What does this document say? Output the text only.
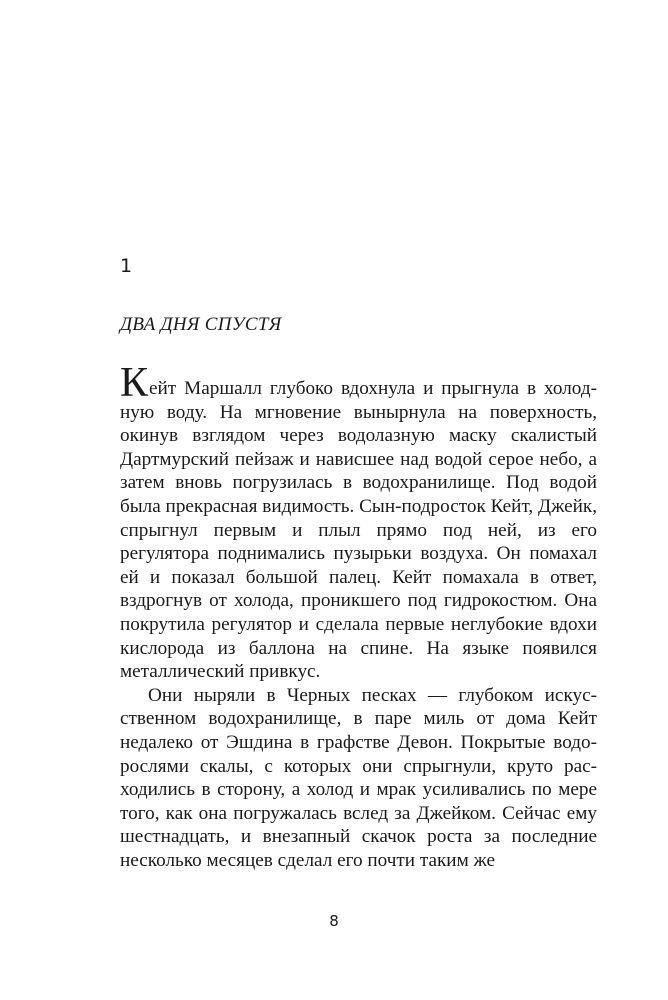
1

ДВА ДНЯ СПУСТЯ

Кейт Маршалл глубоко вдохнула и прыгнула в холодную воду. На мгновение вынырнула на поверхность, окинув взглядом через водолазную маску скалистый Дартмурский пейзаж и нависшее над водой серое небо, а затем вновь погрузилась в водохранилище. Под водой была прекрасная видимость. Сын-подросток Кейт, Джейк, спрыгнул первым и плыл прямо под ней, из его регулятора поднимались пузырьки воздуха. Он помахал ей и показал большой палец. Кейт помахала в ответ, вздрогнув от холода, проникшего под гидрокостюм. Она покрутила регулятор и сделала первые неглубокие вдохи кислорода из баллона на спине. На языке появился металлический привкус.

Они ныряли в Черных песках — глубоком искусственном водохранилище, в паре миль от дома Кейт недалеко от Эшдина в графстве Девон. Покрытые водорослями скалы, с которых они спрыгнули, круто расходились в сторону, а холод и мрак усиливались по мере того, как она погружалась вслед за Джейком. Сейчас ему шестнадцать, и внезапный скачок роста за последние несколько месяцев сделал его почти таким же

8
